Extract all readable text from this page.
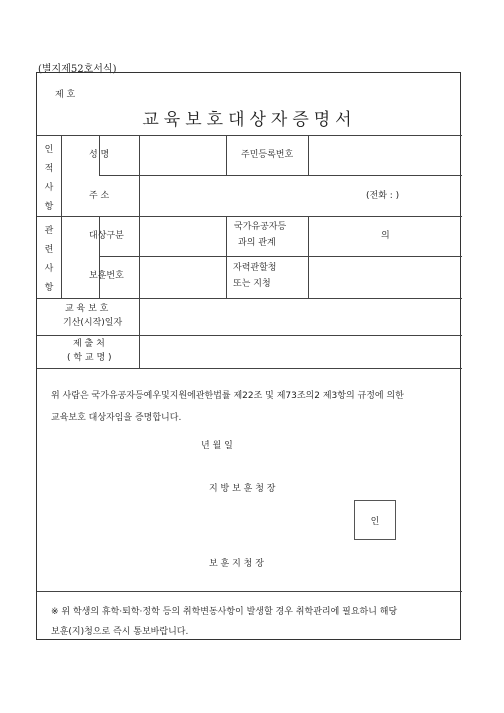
(별지제52호서식)
제 호
교육보호대상자증명서
인
적
사
항
성 명	주민등록번호
주 소	(전화 : )
관
련
사
항
대상구분
국가유공자등
과의 관계
의
보훈번호
자력관할청
또는 지청
교 육 보 호
기산(시작)일자
제 출 처
( 학 교 명 )
위 사람은 국가유공자등예우및지원에관한법률 제22조 및 제73조의2 제3항의 규정에 의한
교육보호 대상자임을 증명합니다.
년 월 일
지 방 보 훈 청 장
인
보 훈 지 청 장
※ 위 학생의 휴학·퇴학·정학 등의 취학변동사항이 발생할 경우 취학관리에 필요하니 해당
보훈(지)청으로 즉시 통보바랍니다.
